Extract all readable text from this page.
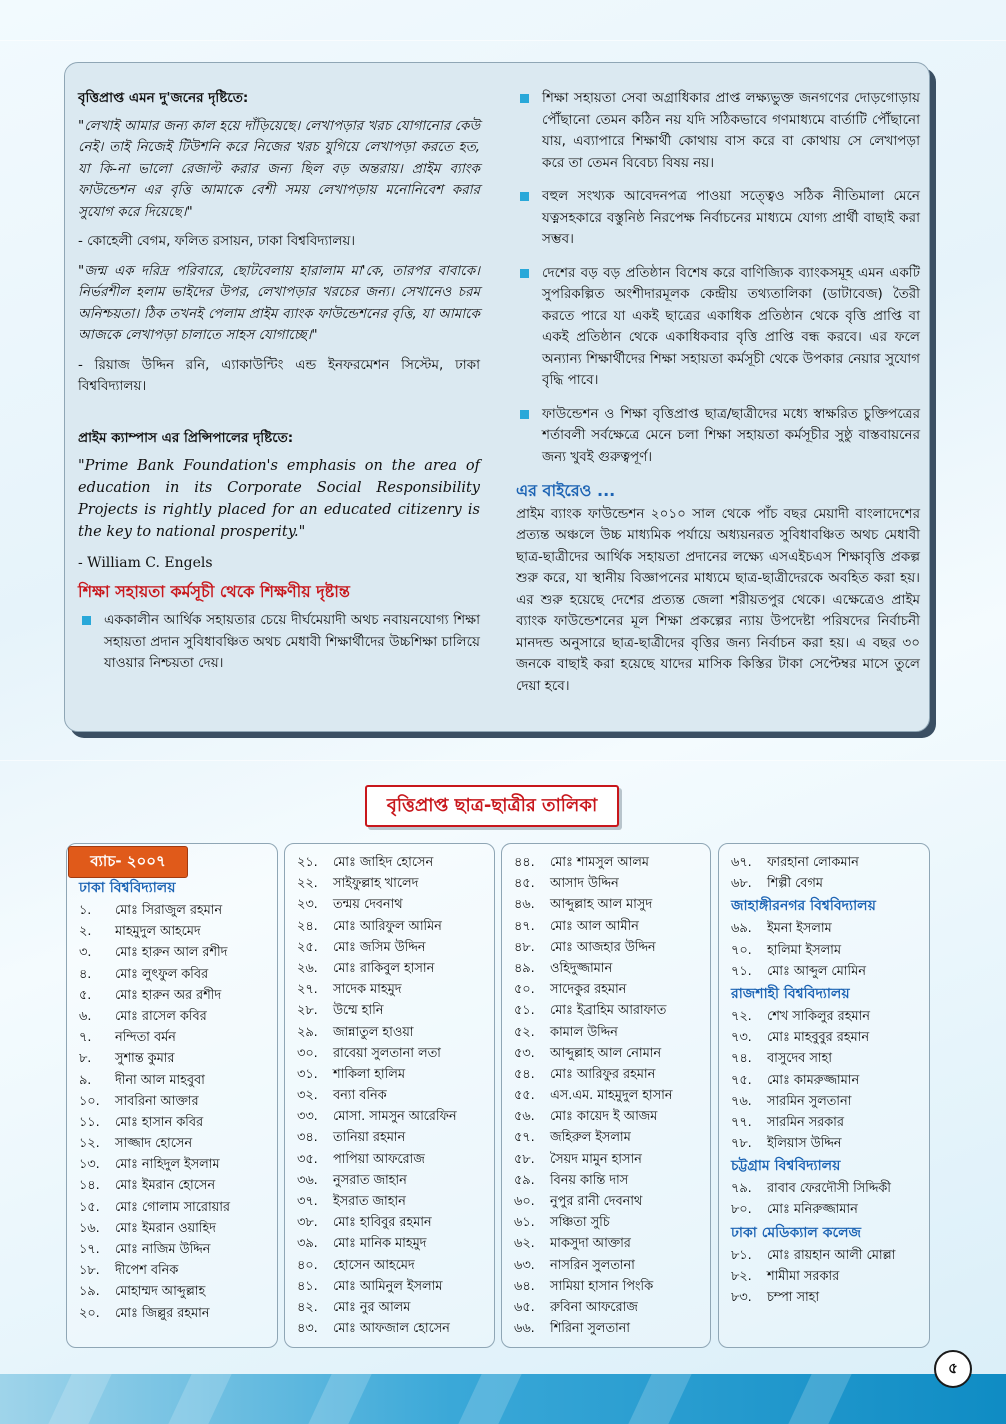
বৃত্তিপ্রাপ্ত এমন দু'জনের দৃষ্টিতে:
"লেখাই আমার জন্য কাল হয়ে দাঁড়িয়েছে। লেখাপড়ার খরচ যোগানোর কেউ নেই। তাই নিজেই টিউশনি করে নিজের খরচ যুগিয়ে লেখাপড়া করতে হত, যা কি-না ভালো রেজাল্ট করার জন্য ছিল বড় অন্তরায়। প্রাইম ব্যাংক ফাউন্ডেশন এর বৃত্তি আমাকে বেশী সময় লেখাপড়ায় মনোনিবেশ করার সুযোগ করে দিয়েছে।"
- কোহেলী বেগম, ফলিত রসায়ন, ঢাকা বিশ্ববিদ্যালয়।
"জন্ম এক দরিদ্র পরিবারে, ছোটবেলায় হারালাম মা'কে, তারপর বাবাকে। নির্ভরশীল হলাম ভাইদের উপর, লেখাপড়ার খরচের জন্য। সেখানেও চরম অনিশ্চয়তা। ঠিক তখনই পেলাম প্রাইম ব্যাংক ফাউন্ডেশনের বৃত্তি, যা আমাকে আজকে লেখাপড়া চালাতে সাহস যোগাচ্ছে।"
- রিয়াজ উদ্দিন রনি, এ্যাকাউন্টিং এন্ড ইনফরমেশন সিস্টেম, ঢাকা বিশ্ববিদ্যালয়।
প্রাইম ক্যাম্পাস এর প্রিন্সিপালের দৃষ্টিতে:
"Prime Bank Foundation's emphasis on the area of education in its Corporate Social Responsibility Projects is rightly placed for an educated citizenry is the key to national prosperity."
- William C. Engels
শিক্ষা সহায়তা কর্মসূচী থেকে শিক্ষণীয় দৃষ্টান্ত
এককালীন আর্থিক সহায়তার চেয়ে দীর্ঘমেয়াদী অথচ নবায়নযোগ্য শিক্ষা সহায়তা প্রদান সুবিধাবঞ্চিত অথচ মেধাবী শিক্ষার্থীদের উচ্চশিক্ষা চালিয়ে যাওয়ার নিশ্চয়তা দেয়।
শিক্ষা সহায়তা সেবা অগ্রাধিকার প্রাপ্ত লক্ষ্যভুক্ত জনগণের দোড়গোড়ায় পৌঁছানো তেমন কঠিন নয় যদি সঠিকভাবে গণমাধ্যমে বার্তাটি পৌঁছানো যায়, এব্যাপারে শিক্ষার্থী কোথায় বাস করে বা কোথায় সে লেখাপড়া করে তা তেমন বিবেচ্য বিষয় নয়।
বহুল সংখ্যক আবেদনপত্র পাওয়া সত্ত্বেও সঠিক নীতিমালা মেনে যত্নসহকারে বস্তুনিষ্ঠ নিরপেক্ষ নির্বাচনের মাধ্যমে যোগ্য প্রার্থী বাছাই করা সম্ভব।
দেশের বড় বড় প্রতিষ্ঠান বিশেষ করে বাণিজ্যিক ব্যাংকসমূহ এমন একটি সুপরিকল্পিত অংশীদারমূলক কেন্দ্রীয় তথ্যতালিকা (ডাটাবেজ) তৈরী করতে পারে যা একই ছাত্রের একাধিক প্রতিষ্ঠান থেকে বৃত্তি প্রাপ্তি বা একই প্রতিষ্ঠান থেকে একাধিকবার বৃত্তি প্রাপ্তি বন্ধ করবে। এর ফলে অন্যান্য শিক্ষার্থীদের শিক্ষা সহায়তা কর্মসূচী থেকে উপকার নেয়ার সুযোগ বৃদ্ধি পাবে।
ফাউন্ডেশন ও শিক্ষা বৃত্তিপ্রাপ্ত ছাত্র/ছাত্রীদের মধ্যে স্বাক্ষরিত চুক্তিপত্রের শর্তাবলী সর্বক্ষেত্রে মেনে চলা শিক্ষা সহায়তা কর্মসূচীর সুষ্ঠু বাস্তবায়নের জন্য খুবই গুরুত্বপূর্ণ।
এর বাইরেও ...
প্রাইম ব্যাংক ফাউন্ডেশন ২০১০ সাল থেকে পাঁচ বছর মেয়াদী বাংলাদেশের প্রত্যন্ত অঞ্চলে উচ্চ মাধ্যমিক পর্যায়ে অধ্যয়নরত সুবিধাবঞ্চিত অথচ মেধাবী ছাত্র-ছাত্রীদের আর্থিক সহায়তা প্রদানের লক্ষ্যে এসএইচএস শিক্ষাবৃত্তি প্রকল্প শুরু করে, যা স্থানীয় বিজ্ঞাপনের মাধ্যমে ছাত্র-ছাত্রীদেরকে অবহিত করা হয়। এর শুরু হয়েছে দেশের প্রত্যন্ত জেলা শরীয়তপুর থেকে। এক্ষেত্রেও প্রাইম ব্যাংক ফাউন্ডেশনের মূল শিক্ষা প্রকল্পের ন্যায় উপদেষ্টা পরিষদের নির্বাচনী মানদন্ড অনুসারে ছাত্র-ছাত্রীদের বৃত্তির জন্য নির্বাচন করা হয়। এ বছর ৩০ জনকে বাছাই করা হয়েছে যাদের মাসিক কিস্তির টাকা সেপ্টেম্বর মাসে তুলে দেয়া হবে।
বৃত্তিপ্রাপ্ত ছাত্র-ছাত্রীর তালিকা
ঢাকা বিশ্ববিদ্যালয়
১. মোঃ সিরাজুল রহমান
২. মাহমুদুল আহমেদ
৩. মোঃ হারুন আল রশীদ
৪. মোঃ লুৎফুল কবির
৫. মোঃ হারুন অর রশীদ
৬. মোঃ রাসেল কবির
৭. নন্দিতা বর্মন
৮. সুশান্ত কুমার
৯. দীনা আল মাহবুবা
১০. সাবরিনা আক্তার
১১. মোঃ হাসান কবির
১২. সাজ্জাদ হোসেন
১৩. মোঃ নাহিদুল ইসলাম
১৪. মোঃ ইমরান হোসেন
১৫. মোঃ গোলাম সারোয়ার
১৬. মোঃ ইমরান ওয়াহিদ
১৭. মোঃ নাজিম উদ্দিন
১৮. দীপেশ বনিক
১৯. মোহাম্মদ আব্দুল্লাহ
২০. মোঃ জিল্লুর রহমান
২১. মোঃ জাহিদ হোসেন
২২. সাইফুল্লাহ খালেদ
২৩. তন্ময় দেবনাথ
২৪. মোঃ আরিফুল আমিন
২৫. মোঃ জসিম উদ্দিন
২৬. মোঃ রাকিবুল হাসান
২৭. সাদেক মাহমুদ
২৮. উম্মে হানি
২৯. জান্নাতুল হাওয়া
৩০. রাবেয়া সুলতানা লতা
৩১. শাকিলা হালিম
৩২. বন্যা বনিক
৩৩. মোসা. সামসুন আরেফিন
৩৪. তানিয়া রহমান
৩৫. পাপিয়া আফরোজ
৩৬. নুসরাত জাহান
৩৭. ইসরাত জাহান
৩৮. মোঃ হাবিবুর রহমান
৩৯. মোঃ মানিক মাহমুদ
৪০. হোসেন আহমেদ
৪১. মোঃ আমিনুল ইসলাম
৪২. মোঃ নুর আলম
৪৩. মোঃ আফজাল হোসেন
৪৪. মোঃ শামসুল আলম
৪৫. আসাদ উদ্দিন
৪৬. আব্দুল্লাহ আল মাসুদ
৪৭. মোঃ আল আমীন
৪৮. মোঃ আজহার উদ্দিন
৪৯. ওহিদুজ্জামান
৫০. সাদেকুর রহমান
৫১. মোঃ ইব্রাহিম আরাফাত
৫২. কামাল উদ্দিন
৫৩. আব্দুল্লাহ আল নোমান
৫৪. মোঃ আরিফুর রহমান
৫৫. এস.এম. মাহমুদুল হাসান
৫৬. মোঃ কায়েদ ই আজম
৫৭. জহিরুল ইসলাম
৫৮. সৈয়দ মামুন হাসান
৫৯. বিনয় কান্তি দাস
৬০. নুপুর রানী দেবনাথ
৬১. সঞ্চিতা সুচি
৬২. মাকসুদা আক্তার
৬৩. নাসরিন সুলতানা
৬৪. সামিয়া হাসান পিংকি
৬৫. রুবিনা আফরোজ
৬৬. শিরিনা সুলতানা
৬৭. ফারহানা লোকমান
৬৮. শিল্পী বেগম
জাহাঙ্গীরনগর বিশ্ববিদ্যালয়
৬৯. ইমনা ইসলাম
৭০. হালিমা ইসলাম
৭১. মোঃ আব্দুল মোমিন
রাজশাহী বিশ্ববিদ্যালয়
৭২. শেখ সাকিলুর রহমান
৭৩. মোঃ মাহবুবুর রহমান
৭৪. বাসুদেব সাহা
৭৫. মোঃ কামরুজ্জামান
৭৬. সারমিন সুলতানা
৭৭. সারমিন সরকার
৭৮. ইলিয়াস উদ্দিন
চট্টগ্রাম বিশ্ববিদ্যালয়
৭৯. রাবাব ফেরদৌসী সিদ্দিকী
৮০. মোঃ মনিরুজ্জামান
ঢাকা মেডিক্যাল কলেজ
৮১. মোঃ রায়হান আলী মোল্লা
৮২. শামীমা সরকার
৮৩. চম্পা সাহা
ব্যাচ- ২০০৭
৫
